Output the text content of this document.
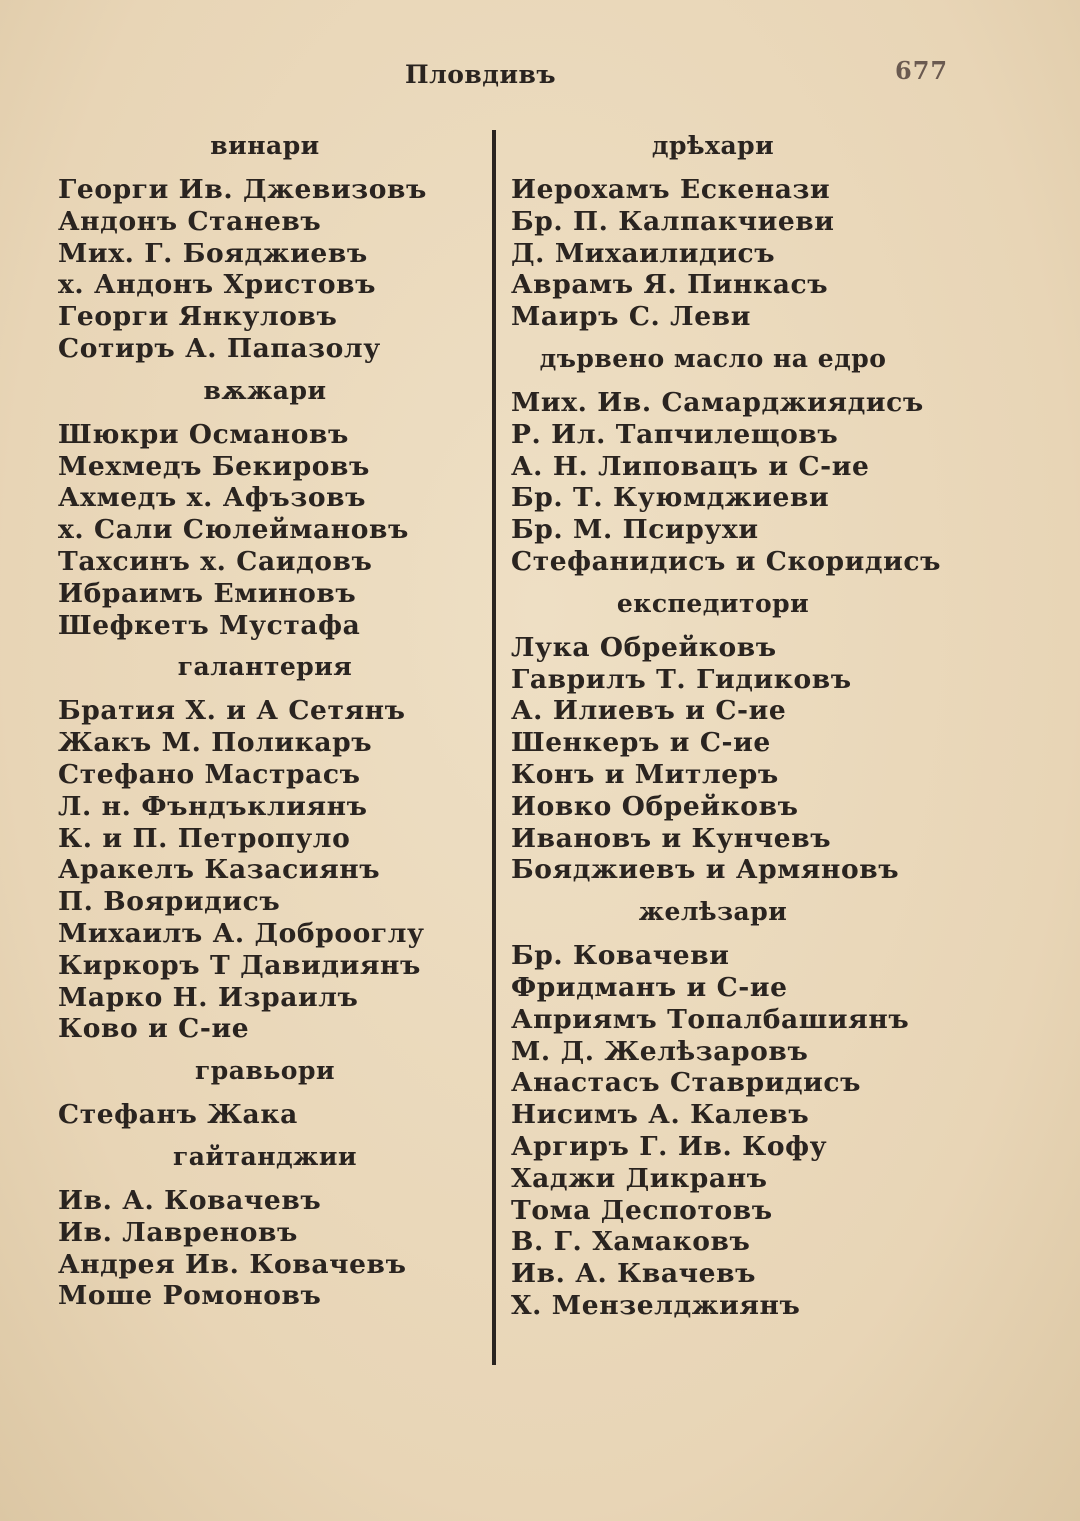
Пловдивъ	677
винари
Георги Ив. Джевизовъ
Андонъ Станевъ
Мих. Г. Бояджиевъ
х. Андонъ Христовъ
Георги Янкуловъ
Сотиръ А. Папазолу
вѫжари
Шюкри Османовъ
Мехмедъ Бекировъ
Ахмедъ х. Афъзовъ
х. Сали Сюлеймановъ
Тахсинъ х. Саидовъ
Ибраимъ Еминовъ
Шефкетъ Мустафа
галантерия
Братия Х. и А Сетянъ
Жакъ М. Поликаръ
Стефано Мастрасъ
Л. н. Фъндъклиянъ
К. и П. Петропуло
Аракелъ Казасиянъ
П. Вояридисъ
Михаилъ А. Доброоглу
Киркоръ Т Давидиянъ
Марко Н. Израилъ
Ково и С-ие
гравьори
Стефанъ Жака
гайтанджии
Ив. А. Ковачевъ
Ив. Лавреновъ
Андрея Ив. Ковачевъ
Моше Ромоновъ
дрѣхари
Иерохамъ Ескенази
Бр. П. Калпакчиеви
Д. Михаилидисъ
Аврамъ Я. Пинкасъ
Маиръ С. Леви
дървено масло на едро
Мих. Ив. Самарджиядисъ
Р. Ил. Тапчилещовъ
А. Н. Липовацъ и С-ие
Бр. Т. Куюмджиеви
Бр. М. Псирухи
Стефанидисъ и Скоридисъ
експедитори
Лука Обрейковъ
Гаврилъ Т. Гидиковъ
А. Илиевъ и С-ие
Шенкеръ и С-ие
Конъ и Митлеръ
Иовко Обрейковъ
Ивановъ и Кунчевъ
Бояджиевъ и Армяновъ
желѣзари
Бр. Ковачеви
Фридманъ и С-ие
Априямъ Топалбашиянъ
М. Д. Желѣзаровъ
Анастасъ Ставридисъ
Нисимъ А. Калевъ
Аргиръ Г. Ив. Кофу
Хаджи Дикранъ
Тома Деспотовъ
В. Г. Хамаковъ
Ив. А. Квачевъ
Х. Мензелджиянъ
